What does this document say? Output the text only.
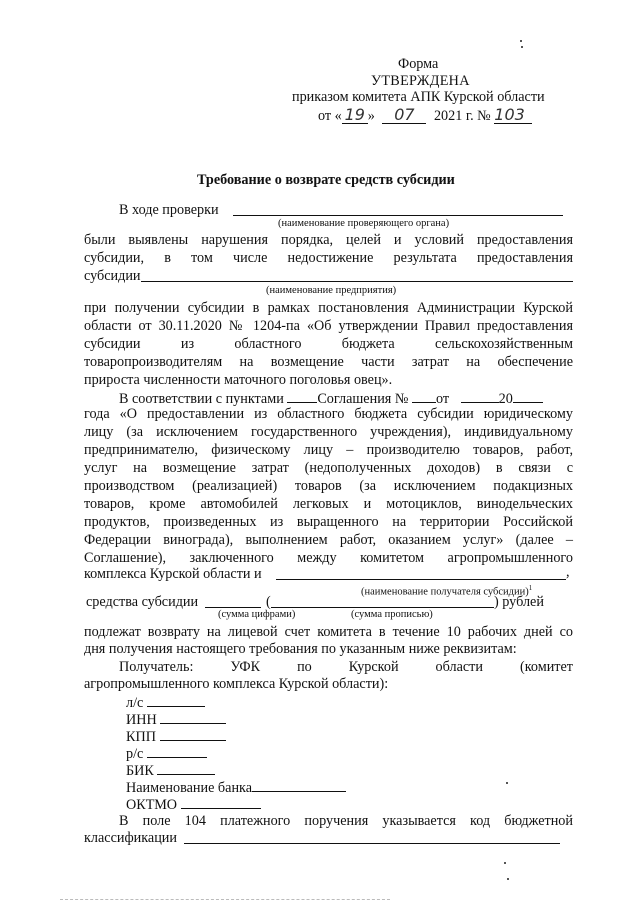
Форма
УТВЕРЖДЕНА
приказом комитета АПК Курской области
от « 19 » 07 2021 г. № 103
Требование о возврате средств субсидии
В ходе проверки
(наименование проверяющего органа)
были выявлены нарушения порядка, целей и условий предоставления
субсидии, в том числе недостижение результата предоставления
субсидии
(наименование предприятия)
при получении субсидии в рамках постановления Администрации Курской
области от 30.11.2020 № 1204-па «Об утверждении Правил предоставления
субсидии из областного бюджета сельскохозяйственным
товаропроизводителям на возмещение части затрат на обеспечение
прироста численности маточного поголовья овец».
В соответствии с пунктами Соглашения № от	20
года «О предоставлении из областного бюджета субсидии юридическому
лицу (за исключением государственного учреждения), индивидуальному
предпринимателю, физическому лицу – производителю товаров, работ,
услуг на возмещение затрат (недополученных доходов) в связи с
производством (реализацией) товаров (за исключением подакцизных
товаров, кроме автомобилей легковых и мотоциклов, винодельческих
продуктов, произведенных из выращенного на территории Российской
Федерации винограда), выполнением работ, оказанием услуг» (далее –
Соглашение), заключенного между комитетом агропромышленного
комплекса Курской области и	,
(наименование получателя субсидии)$^1$
средства субсидии	(	) рублей
(сумма цифрами)	(сумма прописью)
подлежат возврату на лицевой счет комитета в течение 10 рабочих дней со
дня получения настоящего требования по указанным ниже реквизитам:
Получатель: УФК по Курской области (комитет
агропромышленного комплекса Курской области):
л/с
ИНН
КПП
р/с
БИК
Наименование банка
ОКТМО
В поле 104 платежного поручения указывается код бюджетной
классификации
